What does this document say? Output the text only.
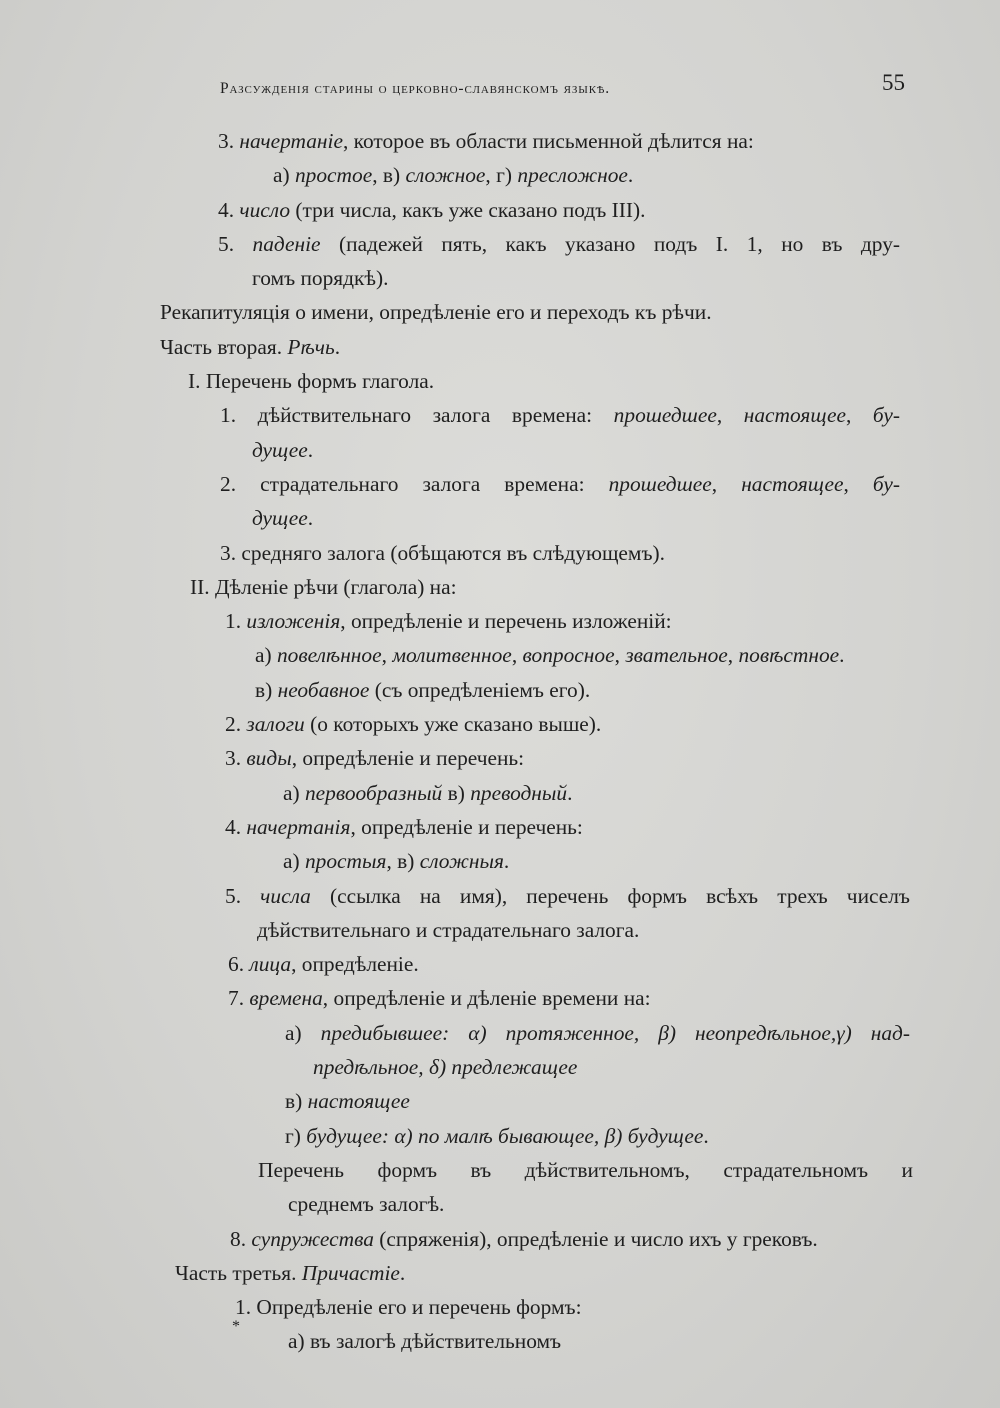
Разсужденія старины о церковно-славянскомъ языкѣ.	55
3. начертаніе, которое въ области письменной дѣлится на:
а) простое, в) сложное, г) пресложное.
4. число (три числа, какъ уже сказано подъ III).
5. паденіе (падежей пять, какъ указано подъ I. 1, но въ дру-
гомъ порядкѣ).
Рекапитуляція о имени, опредѣленіе его и переходъ къ рѣчи.
Часть вторая. Рѣчь.
I. Перечень формъ глагола.
1. дѣйствительнаго залога времена: прошедшее, настоящее, бу-
дущее.
2. страдательнаго залога времена: прошедшее, настоящее, бу-
дущее.
3. средняго залога (обѣщаются въ слѣдующемъ).
II. Дѣленіе рѣчи (глагола) на:
1. изложенія, опредѣленіе и перечень изложеній:
а) повелѣнное, молитвенное, вопросное, звательное, повѣстное.
в) необавное (съ опредѣленіемъ его).
2. залоги (о которыхъ уже сказано выше).
3. виды, опредѣленіе и перечень:
а) первообразный в) преводный.
4. начертанія, опредѣленіе и перечень:
а) простыя, в) сложныя.
5. числа (ссылка на имя), перечень формъ всѣхъ трехъ чиселъ
дѣйствительнаго и страдательнаго залога.
6. лица, опредѣленіе.
7. времена, опредѣленіе и дѣленіе времени на:
а) предибывшее: α) протяженное, β) неопредѣльное,γ) над-
предѣльное, δ) предлежащее
в) настоящее
г) будущее: α) по малѣ бывающее, β) будущее.
Перечень формъ въ дѣйствительномъ, страдательномъ и
среднемъ залогѣ.
8. супружества (спряженія), опредѣленіе и число ихъ у грековъ.
Часть третья. Причастіе.
1. Опредѣленіе его и перечень формъ:
а) въ залогѣ дѣйствительномъ
*
